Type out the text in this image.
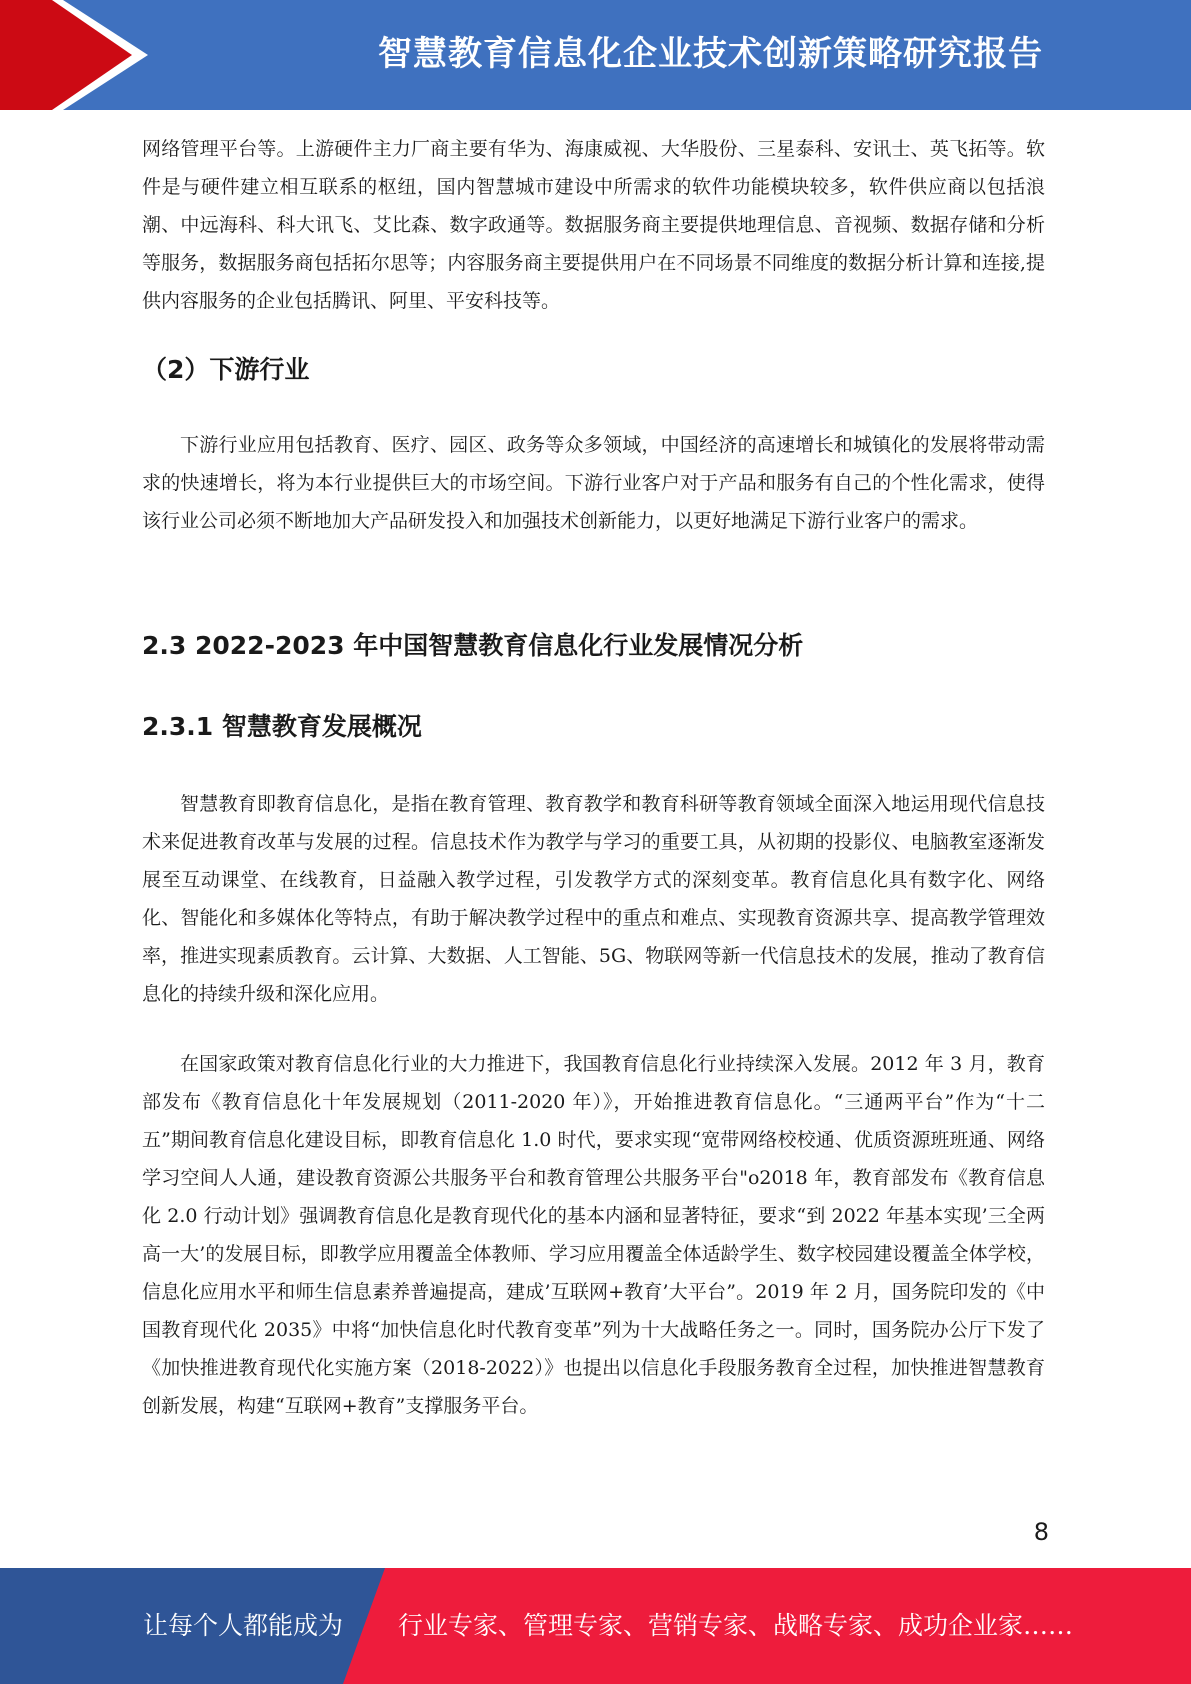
智慧教育信息化企业技术创新策略研究报告

网络管理平台等。上游硬件主力厂商主要有华为、海康威视、大华股份、三星泰科、安讯士、英飞拓等。软件是与硬件建立相互联系的枢纽，国内智慧城市建设中所需求的软件功能模块较多，软件供应商以包括浪潮、中远海科、科大讯飞、艾比森、数字政通等。数据服务商主要提供地理信息、音视频、数据存储和分析等服务，数据服务商包括拓尔思等；内容服务商主要提供用户在不同场景不同维度的数据分析计算和连接,提供内容服务的企业包括腾讯、阿里、平安科技等。

（2）下游行业

下游行业应用包括教育、医疗、园区、政务等众多领域，中国经济的高速增长和城镇化的发展将带动需求的快速增长，将为本行业提供巨大的市场空间。下游行业客户对于产品和服务有自己的个性化需求，使得该行业公司必须不断地加大产品研发投入和加强技术创新能力，以更好地满足下游行业客户的需求。

2.3 2022-2023 年中国智慧教育信息化行业发展情况分析
2.3.1 智慧教育发展概况

智慧教育即教育信息化，是指在教育管理、教育教学和教育科研等教育领域全面深入地运用现代信息技术来促进教育改革与发展的过程。信息技术作为教学与学习的重要工具，从初期的投影仪、电脑教室逐渐发展至互动课堂、在线教育，日益融入教学过程，引发教学方式的深刻变革。教育信息化具有数字化、网络化、智能化和多媒体化等特点，有助于解决教学过程中的重点和难点、实现教育资源共享、提高教学管理效率，推进实现素质教育。云计算、大数据、人工智能、5G、物联网等新一代信息技术的发展，推动了教育信息化的持续升级和深化应用。

在国家政策对教育信息化行业的大力推进下，我国教育信息化行业持续深入发展。2012 年 3 月，教育部发布《教育信息化十年发展规划（2011-2020 年）》，开始推进教育信息化。“三通两平台”作为“十二五”期间教育信息化建设目标，即教育信息化 1.0 时代，要求实现“宽带网络校校通、优质资源班班通、网络学习空间人人通，建设教育资源公共服务平台和教育管理公共服务平台"o2018 年，教育部发布《教育信息化 2.0 行动计划》强调教育信息化是教育现代化的基本内涵和显著特征，要求“到 2022 年基本实现’三全两高一大’的发展目标，即教学应用覆盖全体教师、学习应用覆盖全体适龄学生、数字校园建设覆盖全体学校，信息化应用水平和师生信息素养普遍提高，建成’互联网+教育’大平台”。2019 年 2 月，国务院印发的《中国教育现代化 2035》中将“加快信息化时代教育变革”列为十大战略任务之一。同时，国务院办公厅下发了《加快推进教育现代化实施方案（2018-2022）》也提出以信息化手段服务教育全过程，加快推进智慧教育创新发展，构建“互联网+教育”支撑服务平台。

8
让每个人都能成为 行业专家、管理专家、营销专家、战略专家、成功企业家……
